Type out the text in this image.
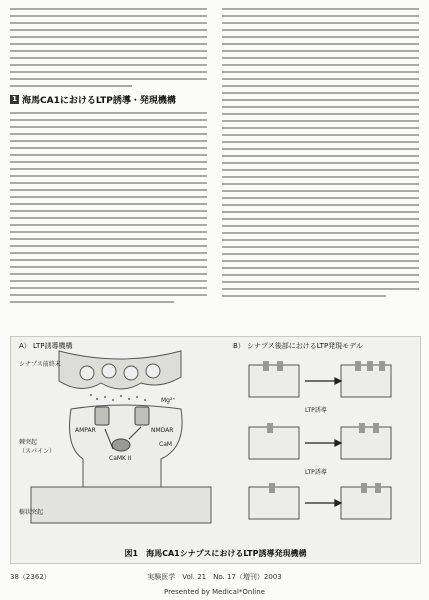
1 海馬CA1におけるLTP誘導・発現機構
A） LTP誘導機構	B） シナプス後部におけるLTP発現モデル
シナプス前終末
棘突起
（スパイン）
樹状突起
AMPAR	NMDAR
CaMK II
CaM
Mg²⁺
LTP誘導
LTP誘導
図1　海馬CA1シナプスにおけるLTP誘導発現機構
38（2362）	実験医学　Vol. 21　No. 17（増刊）2003
Presented by Medical*Online
